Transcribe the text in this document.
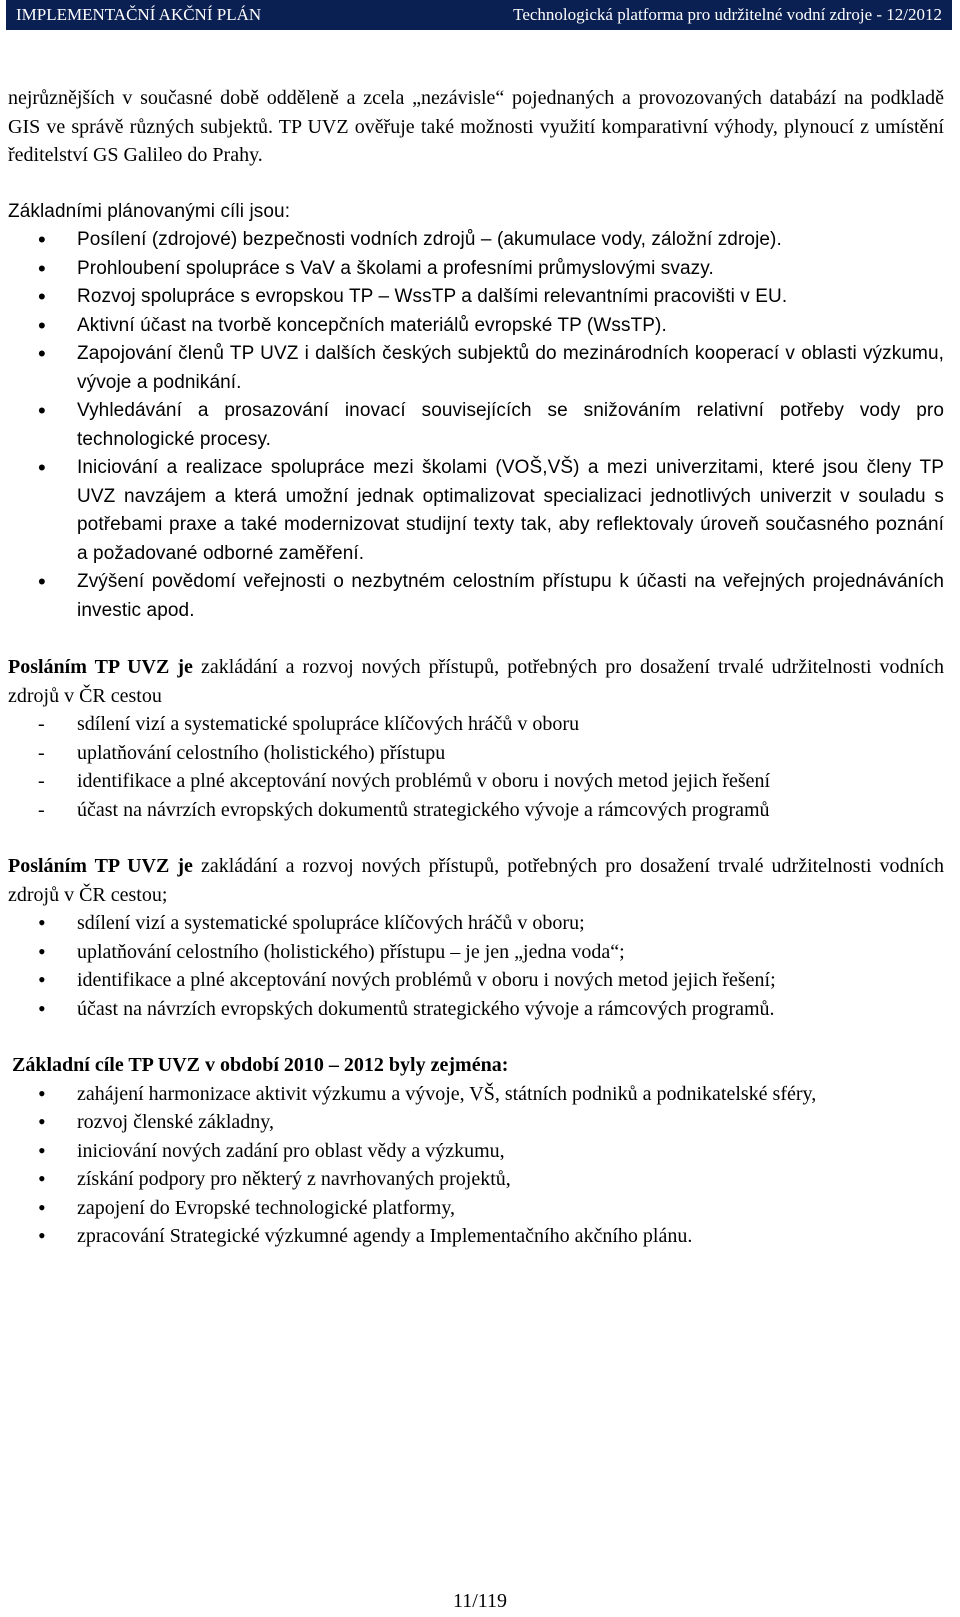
IMPLEMENTAČNÍ AKČNÍ PLÁN	Technologická platforma pro udržitelné vodní zdroje - 12/2012

nejrůznějších v současné době odděleně a zcela „nezávisle“ pojednaných a provozovaných databází na podkladě GIS ve správě různých subjektů. TP UVZ ověřuje také možnosti využití komparativní výhody, plynoucí z umístění ředitelství GS Galileo do Prahy.

Základními plánovanými cíli jsou:

• Posílení (zdrojové) bezpečnosti vodních zdrojů – (akumulace vody, záložní zdroje).
• Prohloubení spolupráce s VaV a školami a profesními průmyslovými svazy.
• Rozvoj spolupráce s evropskou TP – WssTP a dalšími relevantními pracovišti v EU.
• Aktivní účast na tvorbě koncepčních materiálů evropské TP (WssTP).
• Zapojování členů TP UVZ i dalších českých subjektů do mezinárodních kooperací v oblasti výzkumu, vývoje a podnikání.
• Vyhledávání a prosazování inovací souvisejících se snižováním relativní potřeby vody pro technologické procesy.
• Iniciování a realizace spolupráce mezi školami (VOŠ,VŠ) a mezi univerzitami, které jsou členy TP UVZ navzájem a která umožní jednak optimalizovat specializaci jednotlivých univerzit v souladu s potřebami praxe a také modernizovat studijní texty tak, aby reflektovaly úroveň současného poznání a požadované odborné zaměření.
• Zvýšení povědomí veřejnosti o nezbytném celostním přístupu k účasti na veřejných projednáváních investic apod.

Posláním TP UVZ je zakládání a rozvoj nových přístupů, potřebných pro dosažení trvalé udržitelnosti vodních zdrojů v ČR cestou

- sdílení vizí a systematické spolupráce klíčových hráčů v oboru
- uplatňování celostního (holistického) přístupu
- identifikace a plné akceptování nových problémů v oboru i nových metod jejich řešení
- účast na návrzích evropských dokumentů strategického vývoje a rámcových programů

Posláním TP UVZ je zakládání a rozvoj nových přístupů, potřebných pro dosažení trvalé udržitelnosti vodních zdrojů v ČR cestou;

• sdílení vizí a systematické spolupráce klíčových hráčů v oboru;
• uplatňování celostního (holistického) přístupu – je jen „jedna voda“;
• identifikace a plné akceptování nových problémů v oboru i nových metod jejich řešení;
• účast na návrzích evropských dokumentů strategického vývoje a rámcových programů.

Základní cíle TP UVZ v období 2010 – 2012 byly zejména:

• zahájení harmonizace aktivit výzkumu a vývoje, VŠ, státních podniků a podnikatelské sféry,
• rozvoj členské základny,
• iniciování nových zadání pro oblast vědy a výzkumu,
• získání podpory pro některý z navrhovaných projektů,
• zapojení do Evropské technologické platformy,
• zpracování Strategické výzkumné agendy a Implementačního akčního plánu.
11/119
